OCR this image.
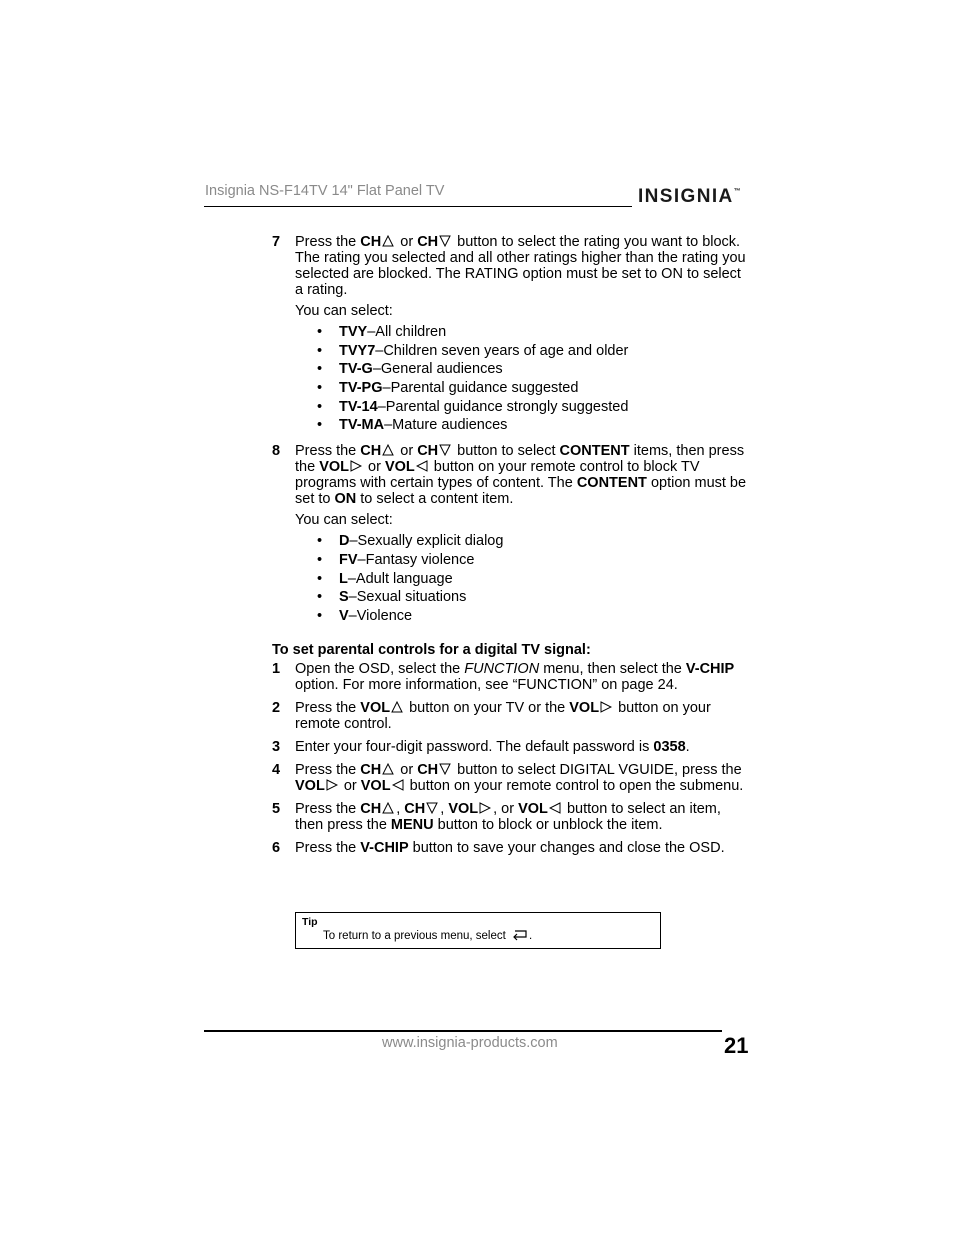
Insignia NS-F14TV 14" Flat Panel TV	INSIGNIA™
7 Press the CH
or CH
button to select the rating you want to block. The rating you selected and all other ratings higher than the rating you selected are blocked. The RATING option must be set to ON to select a rating.

You can select:

• TVY–All children
• TVY7–Children seven years of age and older
• TV-G–General audiences
• TV-PG–Parental guidance suggested
• TV-14–Parental guidance strongly suggested
• TV-MA–Mature audiences
8 Press the CH
or CH
button to select CONTENT items, then press the VOL
or VOL
button on your remote control to block TV programs with certain types of content. The CONTENT option must be set to ON to select a content item.

You can select:

• D–Sexually explicit dialog
• FV–Fantasy violence
• L–Adult language
• S–Sexual situations
• V–Violence
To set parental controls for a digital TV signal:
1 Open the OSD, select the FUNCTION menu, then select the V-CHIP option. For more information, see “FUNCTION” on page 24.

2 Press the VOL
button on your TV or the VOL
button on your remote control.

3 Enter your four-digit password. The default password is 0358.

4 Press the CH
or CH
button to select DIGITAL VGUIDE, press the VOL
or VOL
button on your remote control to open the submenu.

5 Press the CH , CH , VOL , or VOL
button to select an item, then press the MENU button to block or unblock the item.

6 Press the V-CHIP button to save your changes and close the OSD.

Tip
To return to a previous menu, select .
www.insignia-products.com	21
